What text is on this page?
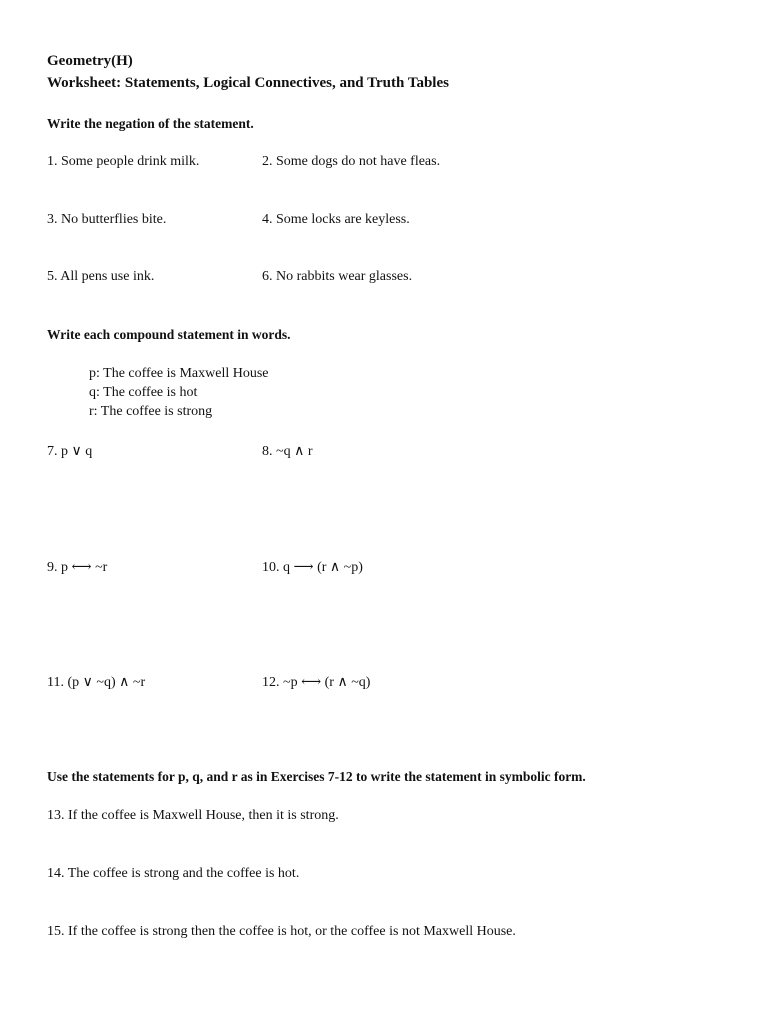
Geometry(H)
Worksheet: Statements, Logical Connectives, and Truth Tables
Write the negation of the statement.
1. Some people drink milk.	2. Some dogs do not have fleas.
3. No butterflies bite.	4. Some locks are keyless.
5. All pens use ink.	6. No rabbits wear glasses.
Write each compound statement in words.
p: The coffee is Maxwell House
q: The coffee is hot
r: The coffee is strong
7. p ∨ q	8. ~q ∧ r
9. p ⟷ ~r	10. q ⟶ (r ∧ ~p)
11. (p ∨ ~q) ∧ ~r	12. ~p ⟷ (r ∧ ~q)
Use the statements for p, q, and r as in Exercises 7-12 to write the statement in symbolic form.
13. If the coffee is Maxwell House, then it is strong.
14. The coffee is strong and the coffee is hot.
15. If the coffee is strong then the coffee is hot, or the coffee is not Maxwell House.
